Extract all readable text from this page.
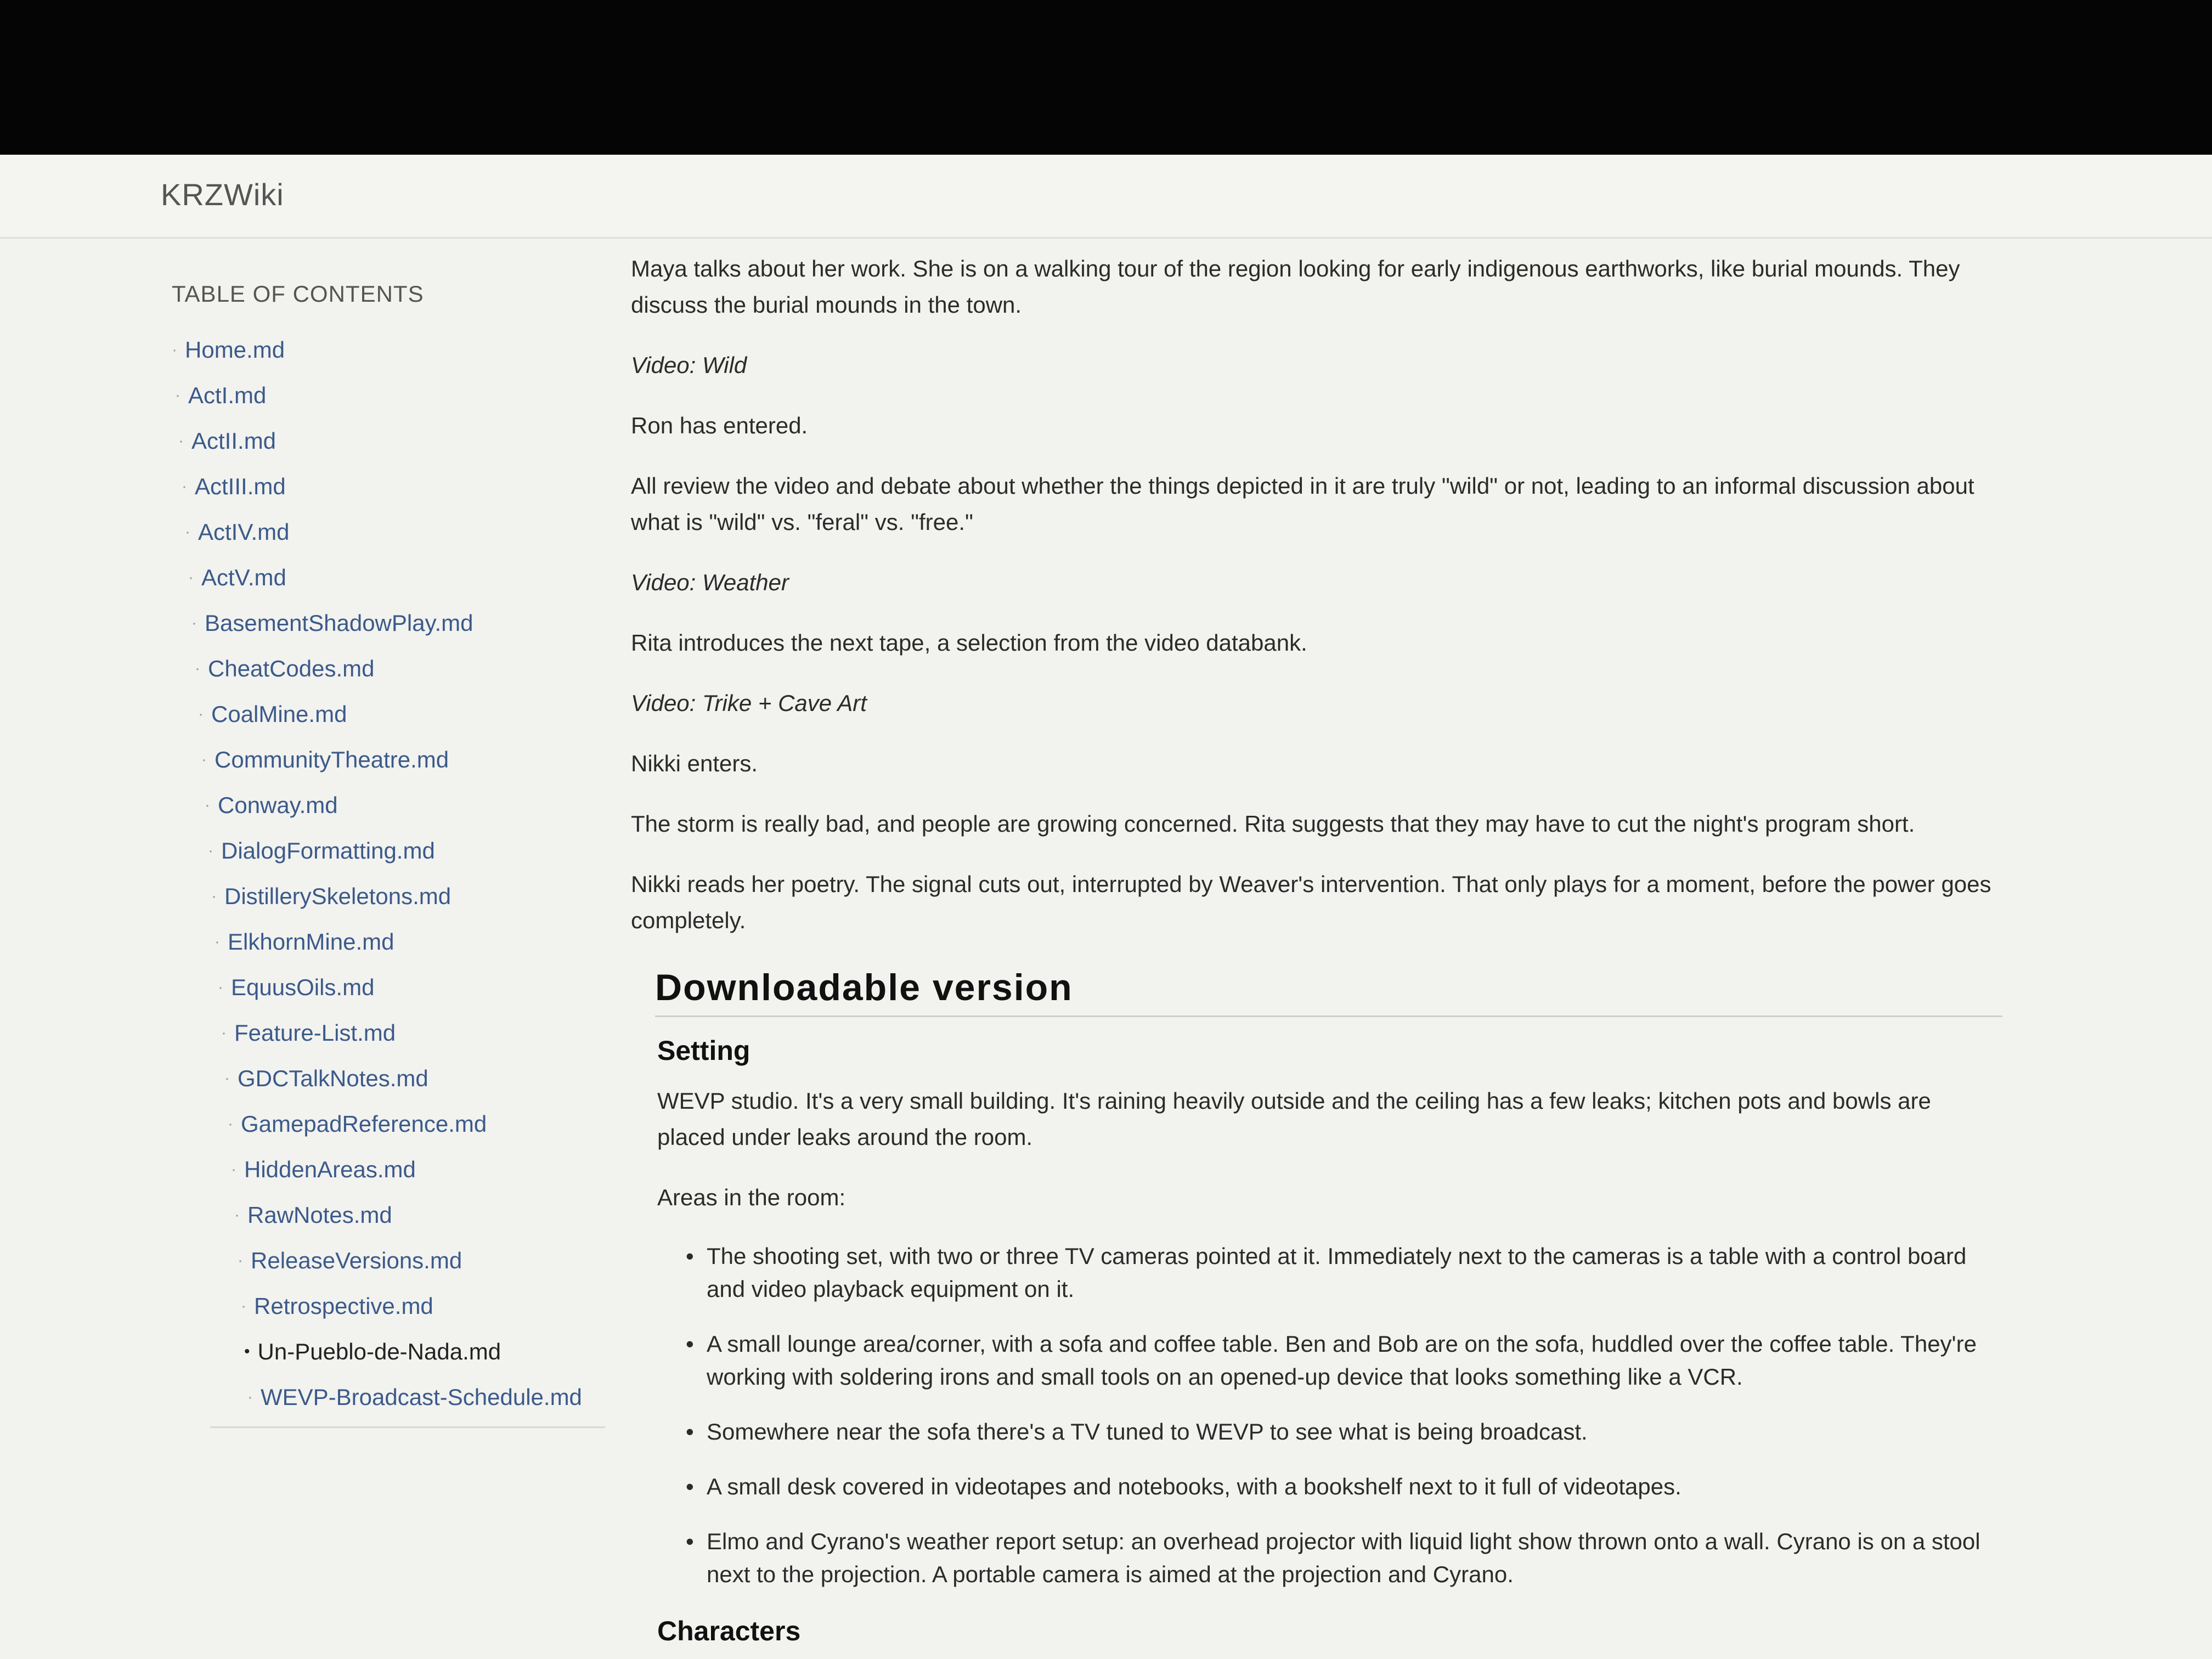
KRZWiki
TABLE OF CONTENTS
· Home.md
· ActI.md
· ActII.md
· ActIII.md
· ActIV.md
· ActV.md
· BasementShadowPlay.md
· CheatCodes.md
· CoalMine.md
· CommunityTheatre.md
· Conway.md
· DialogFormatting.md
· DistillerySkeletons.md
· ElkhornMine.md
· EquusOils.md
· Feature-List.md
· GDCTalkNotes.md
· GamepadReference.md
· HiddenAreas.md
· RawNotes.md
· ReleaseVersions.md
· Retrospective.md
• Un-Pueblo-de-Nada.md
· WEVP-Broadcast-Schedule.md

Maya talks about her work. She is on a walking tour of the region looking for early indigenous earthworks, like burial mounds. They discuss the burial mounds in the town.

Video: Wild

Ron has entered.

All review the video and debate about whether the things depicted in it are truly "wild" or not, leading to an informal discussion about what is "wild" vs. "feral" vs. "free."

Video: Weather

Rita introduces the next tape, a selection from the video databank.

Video: Trike + Cave Art

Nikki enters.

The storm is really bad, and people are growing concerned. Rita suggests that they may have to cut the night's program short.

Nikki reads her poetry. The signal cuts out, interrupted by Weaver's intervention. That only plays for a moment, before the power goes completely.

Downloadable version
Setting

WEVP studio. It's a very small building. It's raining heavily outside and the ceiling has a few leaks; kitchen pots and bowls are placed under leaks around the room.

Areas in the room:

• The shooting set, with two or three TV cameras pointed at it. Immediately next to the cameras is a table with a control board and video playback equipment on it.
• A small lounge area/corner, with a sofa and coffee table. Ben and Bob are on the sofa, huddled over the coffee table. They're working with soldering irons and small tools on an opened-up device that looks something like a VCR.
• Somewhere near the sofa there's a TV tuned to WEVP to see what is being broadcast.
• A small desk covered in videotapes and notebooks, with a bookshelf next to it full of videotapes.
• Elmo and Cyrano's weather report setup: an overhead projector with liquid light show thrown onto a wall. Cyrano is on a stool next to the projection. A portable camera is aimed at the projection and Cyrano.
Characters
